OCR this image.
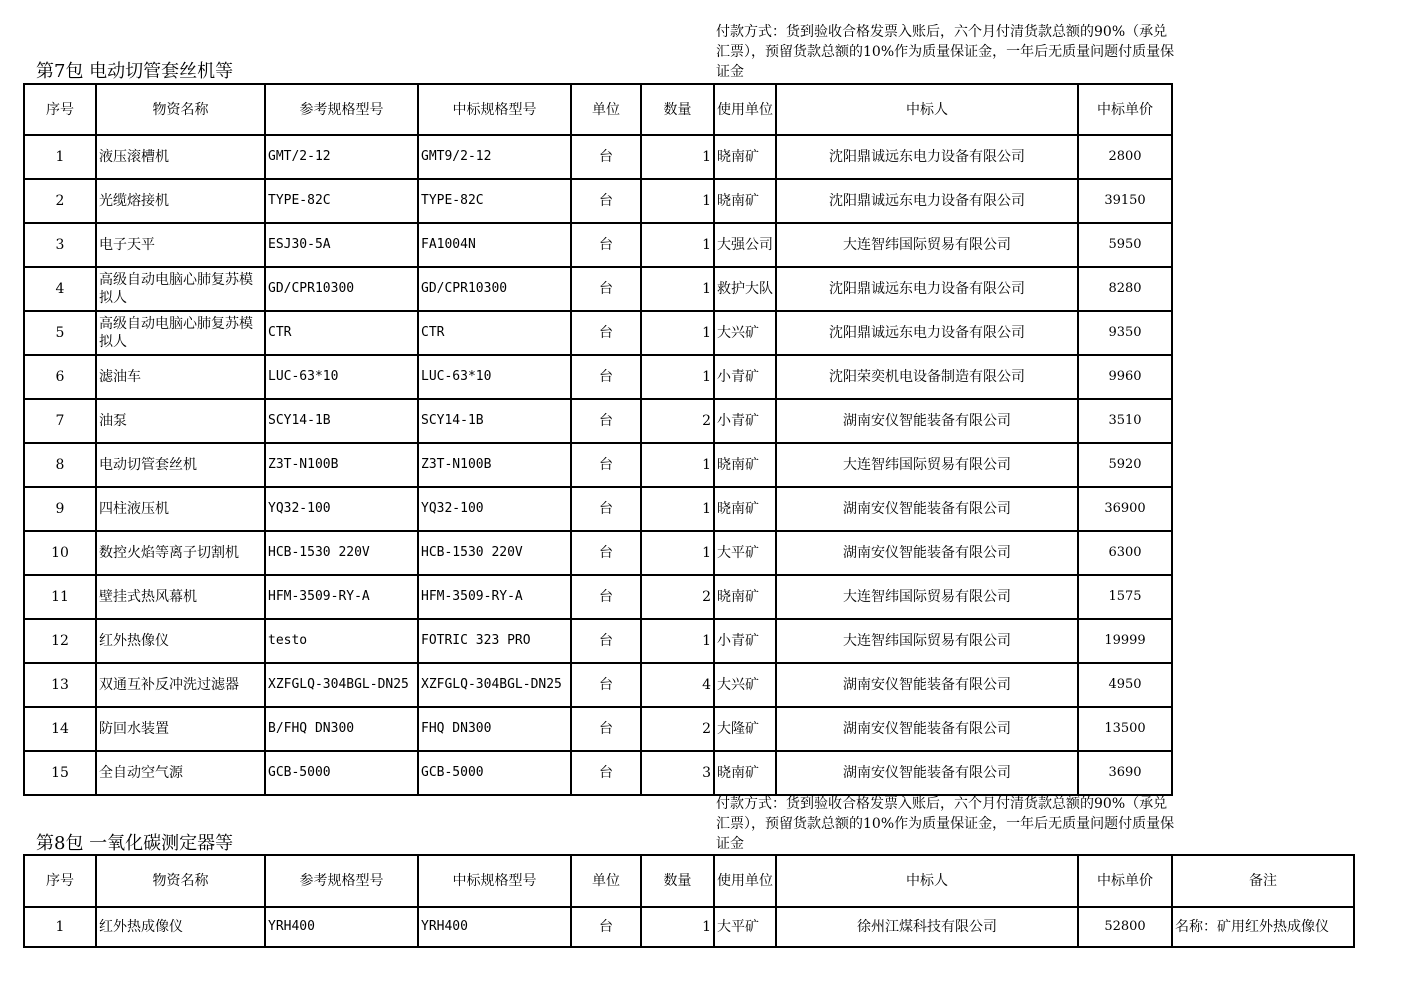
付款方式：货到验收合格发票入账后，六个月付清货款总额的90%（承兑汇票），预留货款总额的10%作为质量保证金，一年后无质量问题付质量保证金
第7包 电动切管套丝机等
序号	物资名称	参考规格型号	中标规格型号	单位	数量	使用单位	中标人	中标单价
1	液压滚槽机	GMT/2-12	GMT9/2-12	台	1	晓南矿	沈阳鼎诚远东电力设备有限公司	2800
2	光缆熔接机	TYPE-82C	TYPE-82C	台	1	晓南矿	沈阳鼎诚远东电力设备有限公司	39150
3	电子天平	ESJ30-5A	FA1004N	台	1	大强公司	大连智纬国际贸易有限公司	5950
4	高级自动电脑心肺复苏模拟人	GD/CPR10300	GD/CPR10300	台	1	救护大队	沈阳鼎诚远东电力设备有限公司	8280
5	高级自动电脑心肺复苏模拟人	CTR	CTR	台	1	大兴矿	沈阳鼎诚远东电力设备有限公司	9350
6	滤油车	LUC-63*10	LUC-63*10	台	1	小青矿	沈阳荣奕机电设备制造有限公司	9960
7	油泵	SCY14-1B	SCY14-1B	台	2	小青矿	湖南安仪智能装备有限公司	3510
8	电动切管套丝机	Z3T-N100B	Z3T-N100B	台	1	晓南矿	大连智纬国际贸易有限公司	5920
9	四柱液压机	YQ32-100	YQ32-100	台	1	晓南矿	湖南安仪智能装备有限公司	36900
10	数控火焰等离子切割机	HCB-1530 220V	HCB-1530 220V	台	1	大平矿	湖南安仪智能装备有限公司	6300
11	壁挂式热风幕机	HFM-3509-RY-A	HFM-3509-RY-A	台	2	晓南矿	大连智纬国际贸易有限公司	1575
12	红外热像仪	testo	FOTRIC 323 PRO	台	1	小青矿	大连智纬国际贸易有限公司	19999
13	双通互补反冲洗过滤器	XZFGLQ-304BGL-DN25	XZFGLQ-304BGL-DN25	台	4	大兴矿	湖南安仪智能装备有限公司	4950
14	防回水装置	B/FHQ DN300	FHQ DN300	台	2	大隆矿	湖南安仪智能装备有限公司	13500
15	全自动空气源	GCB-5000	GCB-5000	台	3	晓南矿	湖南安仪智能装备有限公司	3690
付款方式：货到验收合格发票入账后，六个月付清货款总额的90%（承兑汇票），预留货款总额的10%作为质量保证金，一年后无质量问题付质量保证金
第8包 一氧化碳测定器等
序号	物资名称	参考规格型号	中标规格型号	单位	数量	使用单位	中标人	中标单价	备注
1	红外热成像仪	YRH400	YRH400	台	1	大平矿	徐州江煤科技有限公司	52800	名称：矿用红外热成像仪
